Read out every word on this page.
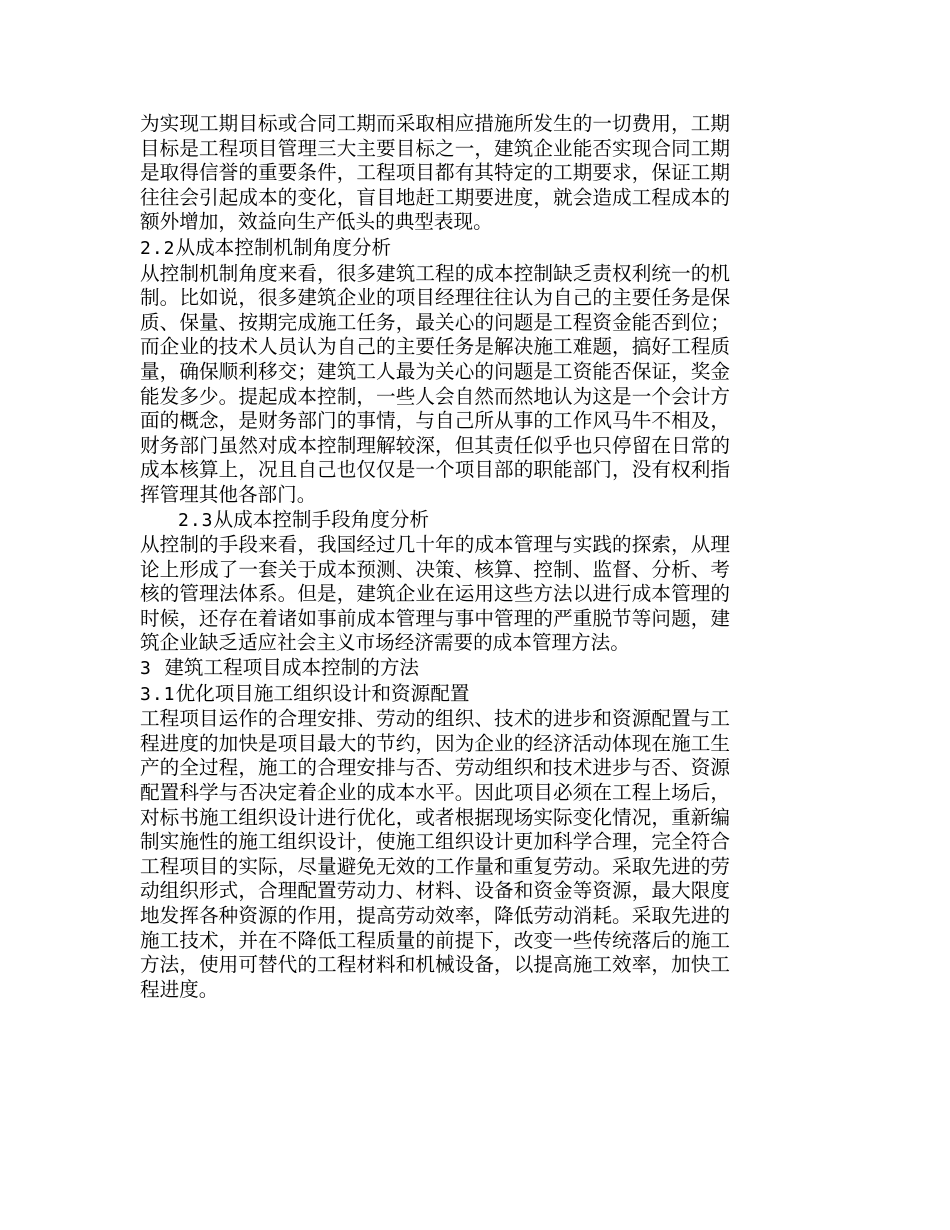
为实现工期目标或合同工期而采取相应措施所发生的一切费用，工期目标是工程项目管理三大主要目标之一，建筑企业能否实现合同工期是取得信誉的重要条件，工程项目都有其特定的工期要求，保证工期往往会引起成本的变化，盲目地赶工期要进度，就会造成工程成本的额外增加，效益向生产低头的典型表现。

2.2从成本控制机制角度分析

从控制机制角度来看，很多建筑工程的成本控制缺乏责权利统一的机制。比如说，很多建筑企业的项目经理往往认为自己的主要任务是保质、保量、按期完成施工任务，最关心的问题是工程资金能否到位；而企业的技术人员认为自己的主要任务是解决施工难题，搞好工程质量，确保顺利移交；建筑工人最为关心的问题是工资能否保证，奖金能发多少。提起成本控制，一些人会自然而然地认为这是一个会计方面的概念，是财务部门的事情，与自己所从事的工作风马牛不相及，财务部门虽然对成本控制理解较深，但其责任似乎也只停留在日常的成本核算上，况且自己也仅仅是一个项目部的职能部门，没有权利指挥管理其他各部门。

2.3从成本控制手段角度分析

从控制的手段来看，我国经过几十年的成本管理与实践的探索，从理论上形成了一套关于成本预测、决策、核算、控制、监督、分析、考核的管理法体系。但是，建筑企业在运用这些方法以进行成本管理的时候，还存在着诸如事前成本管理与事中管理的严重脱节等问题，建筑企业缺乏适应社会主义市场经济需要的成本管理方法。

3 建筑工程项目成本控制的方法
3.1优化项目施工组织设计和资源配置

工程项目运作的合理安排、劳动的组织、技术的进步和资源配置与工程进度的加快是项目最大的节约，因为企业的经济活动体现在施工生产的全过程，施工的合理安排与否、劳动组织和技术进步与否、资源配置科学与否决定着企业的成本水平。因此项目必须在工程上场后，对标书施工组织设计进行优化，或者根据现场实际变化情况，重新编制实施性的施工组织设计，使施工组织设计更加科学合理，完全符合工程项目的实际，尽量避免无效的工作量和重复劳动。采取先进的劳动组织形式，合理配置劳动力、材料、设备和资金等资源，最大限度地发挥各种资源的作用，提高劳动效率，降低劳动消耗。采取先进的施工技术，并在不降低工程质量的前提下，改变一些传统落后的施工方法，使用可替代的工程材料和机械设备，以提高施工效率，加快工程进度。
